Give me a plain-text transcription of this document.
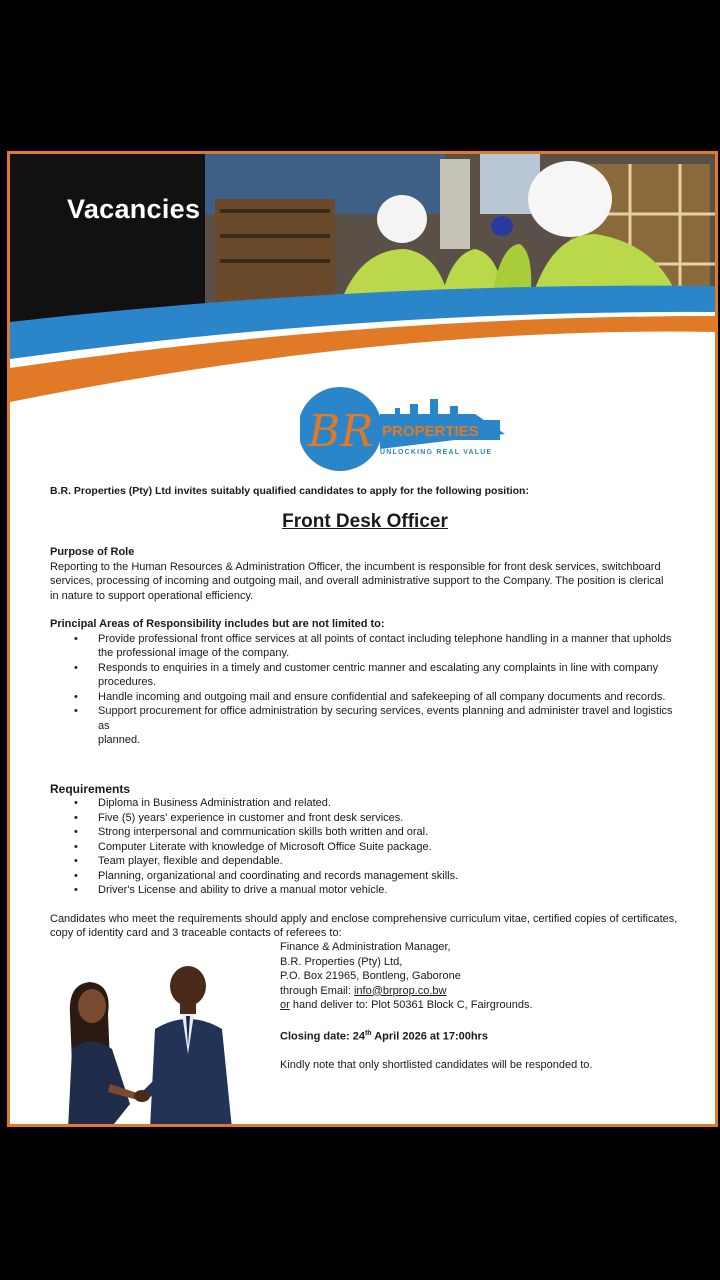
Vacancies
BR PROPERTIES
UNLOCKING REAL VALUE
B.R. Properties (Pty) Ltd invites suitably qualified candidates to apply for the following position:
Front Desk Officer
Purpose of Role
Reporting to the Human Resources & Administration Officer, the incumbent is responsible for front desk services, switchboard
services, processing of incoming and outgoing mail, and overall administrative support to the Company. The position is clerical
in nature to support operational efficiency.
Principal Areas of Responsibility includes but are not limited to:
• Provide professional front office services at all points of contact including telephone handling in a manner that upholds
the professional image of the company.
• Responds to enquiries in a timely and customer centric manner and escalating any complaints in line with company
procedures.
• Handle incoming and outgoing mail and ensure confidential and safekeeping of all company documents and records.
• Support procurement for office administration by securing services, events planning and administer travel and logistics as
planned.
Requirements
• Diploma in Business Administration and related.
• Five (5) years' experience in customer and front desk services.
• Strong interpersonal and communication skills both written and oral.
• Computer Literate with knowledge of Microsoft Office Suite package.
• Team player, flexible and dependable.
• Planning, organizational and coordinating and records management skills.
• Driver's License and ability to drive a manual motor vehicle.
Candidates who meet the requirements should apply and enclose comprehensive curriculum vitae, certified copies of certificates,
copy of identity card and 3 traceable contacts of referees to:
Finance & Administration Manager,
B.R. Properties (Pty) Ltd,
P.O. Box 21965, Bontleng, Gaborone
through Email: info@brprop.co.bw
or hand deliver to: Plot 50361 Block C, Fairgrounds.
Closing date: 24th April 2026 at 17:00hrs
Kindly note that only shortlisted candidates will be responded to.
